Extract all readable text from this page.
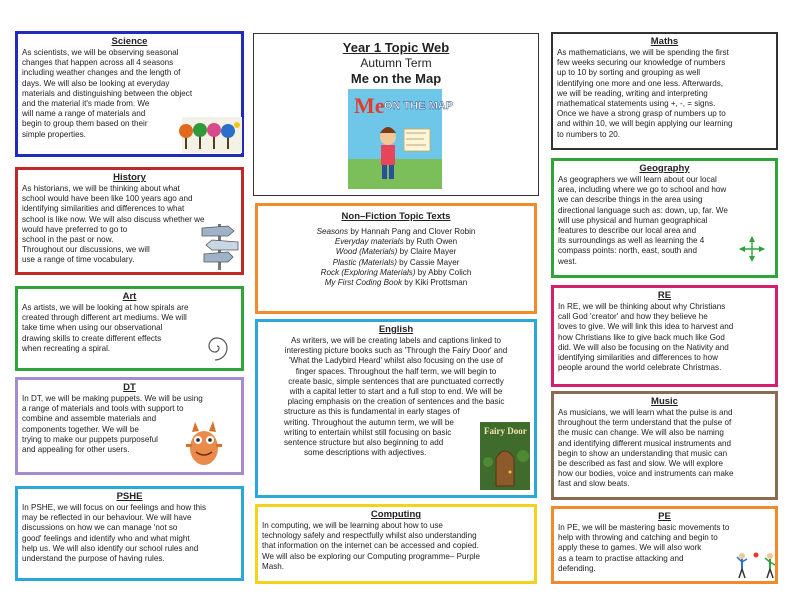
Science

As scientists, we will be observing seasonal
changes that happen across all 4 seasons
including weather changes and the length of
days. We will also be looking at everyday
materials and distinguishing between the object
and the material it's made from. We
will name a range of materials and
begin to group them based on their
simple properties.

History

As historians, we will be thinking about what
school would have been like 100 years ago and
identifying similarities and differences to what
school is like now. We will also discuss whether we
would have preferred to go to
school in the past or now.
Throughout our discussions, we will
use a range of time vocabulary.

Art

As artists, we will be looking at how spirals are
created through different art mediums. We will
take time when using our observational
drawing skills to create different effects
when recreating a spiral.

DT

In DT, we will be making puppets. We will be using
a range of materials and tools with support to
combine and assemble materials and
components together. We will be
trying to make our puppets purposeful
and appealing for other users.

PSHE

In PSHE, we will focus on our feelings and how this
may be reflected in our behaviour. We will have
discussions on how we can manage 'not so
good' feelings and identify who and what might
help us. We will also identify our school rules and
understand the purpose of having rules.

Year 1 Topic Web
Autumn Term
Me on the Map
Me ON THE MAP
Non–Fiction Topic Texts

Seasons by Hannah Pang and Clover Robin
Everyday materials by Ruth Owen
Wood (Materials) by Claire Mayer
Plastic (Materials) by Cassie Mayer
Rock (Exploring Materials) by Abby Colich
My First Coding Book by Kiki Prottsman

English

As writers, we will be creating labels and captions linked to
interesting picture books such as 'Through the Fairy Door' and
'What the Ladybird Heard' whilst also focusing on the use of
finger spaces. Throughout the half term, we will begin to
create basic, simple sentences that are punctuated correctly
with a capital letter to start and a full stop to end. We will be
placing emphasis on the creation of sentences and the basic

structure as this is fundamental in early stages of
writing. Throughout the autumn term, we will be
writing to entertain whilst still focusing on basic
sentence structure but also beginning to add
some descriptions with adjectives.

Fairy Door
Computing

In computing, we will be learning about how to use
technology safely and respectfully whilst also understanding
that information on the internet can be accessed and copied.
We will also be exploring our Computing programme– Purple
Mash.

Maths

As mathematicians, we will be spending the first
few weeks securing our knowledge of numbers
up to 10 by sorting and grouping as well
identifying one more and one less. Afterwards,
we will be reading, writing and interpreting
mathematical statements using +, -, = signs.
Once we have a strong grasp of numbers up to
and within 10, we will begin applying our learning
to numbers to 20.

Geography

As geographers we will learn about our local
area, including where we go to school and how
we can describe things in the area using
directional language such as: down, up, far. We
will use physical and human geographical
features to describe our local area and
its surroundings as well as learning the 4
compass points: north, east, south and
west.

RE

In RE, we will be thinking about why Christians
call God 'creator' and how they believe he
loves to give. We will link this idea to harvest and
how Christians like to give back much like God
did. We will also be focusing on the Nativity and
identifying similarities and differences to how
people around the world celebrate Christmas.

Music

As musicians, we will learn what the pulse is and
throughout the term understand that the pulse of
the music can change. We will also be naming
and identifying different musical instruments and
begin to show an understanding that music can
be described as fast and slow. We will explore
how our bodies, voice and instruments can make
fast and slow beats.

PE

In PE, we will be mastering basic movements to
help with throwing and catching and begin to
apply these to games. We will also work
as a team to practise attacking and
defending.
